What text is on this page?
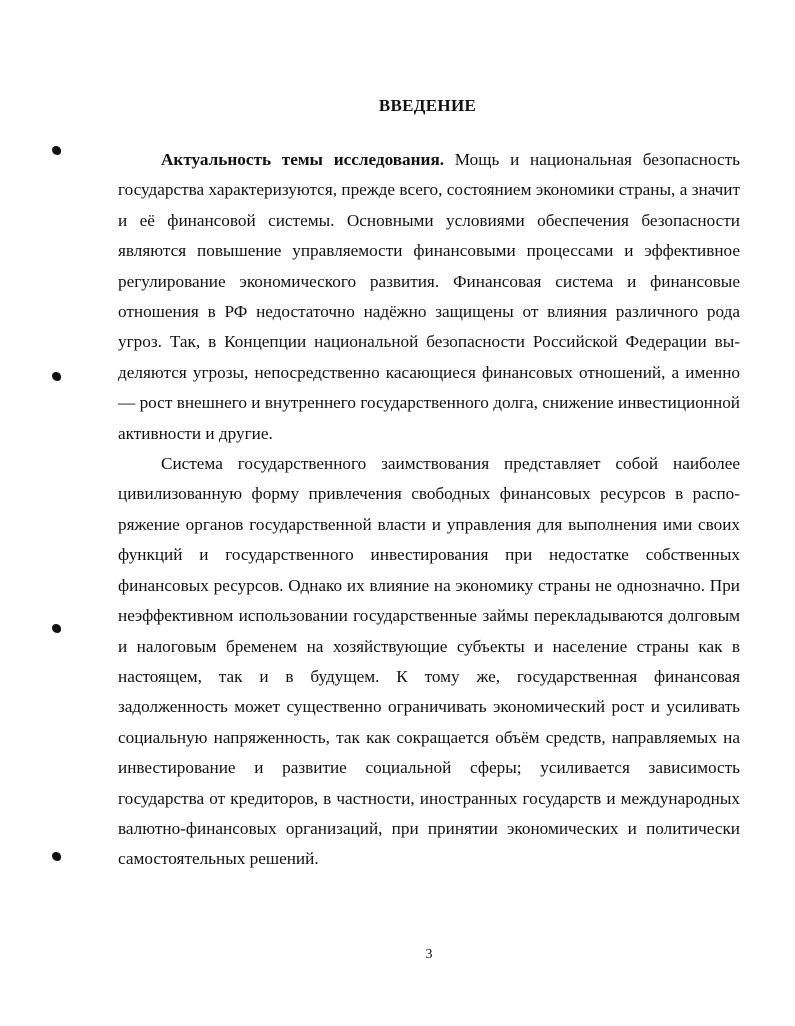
ВВЕДЕНИЕ

Актуальность темы исследования. Мощь и национальная безопасность государства характеризуются, прежде всего, состоянием экономики страны, а значит и её финансовой системы. Основными условиями обеспечения безопасности являются повышение управляемости финансовыми процессами и эффективное регулирование экономического развития. Финансовая система и финансовые отношения в РФ недостаточно надёжно защищены от влияния различного рода угроз. Так, в Концепции национальной безопасности Российской Федерации выделяются угрозы, непосредственно касающиеся финансовых отношений, а именно — рост внешнего и внутреннего государственного долга, снижение инвестиционной активности и другие.

Система государственного заимствования представляет собой наиболее цивилизованную форму привлечения свободных финансовых ресурсов в распоряжение органов государственной власти и управления для выполнения ими своих функций и государственного инвестирования при недостатке собственных финансовых ресурсов. Однако их влияние на экономику страны не однозначно. При неэффективном использовании государственные займы перекладываются долговым и налоговым бременем на хозяйствующие субъекты и население страны как в настоящем, так и в будущем. К тому же, государственная финансовая задолженность может существенно ограничивать экономический рост и усиливать социальную напряженность, так как сокращается объём средств, направляемых на инвестирование и развитие социальной сферы; усиливается зависимость государства от кредиторов, в частности, иностранных государств и международных валютно-финансовых организаций, при принятии экономических и политически самостоятельных решений.

3
